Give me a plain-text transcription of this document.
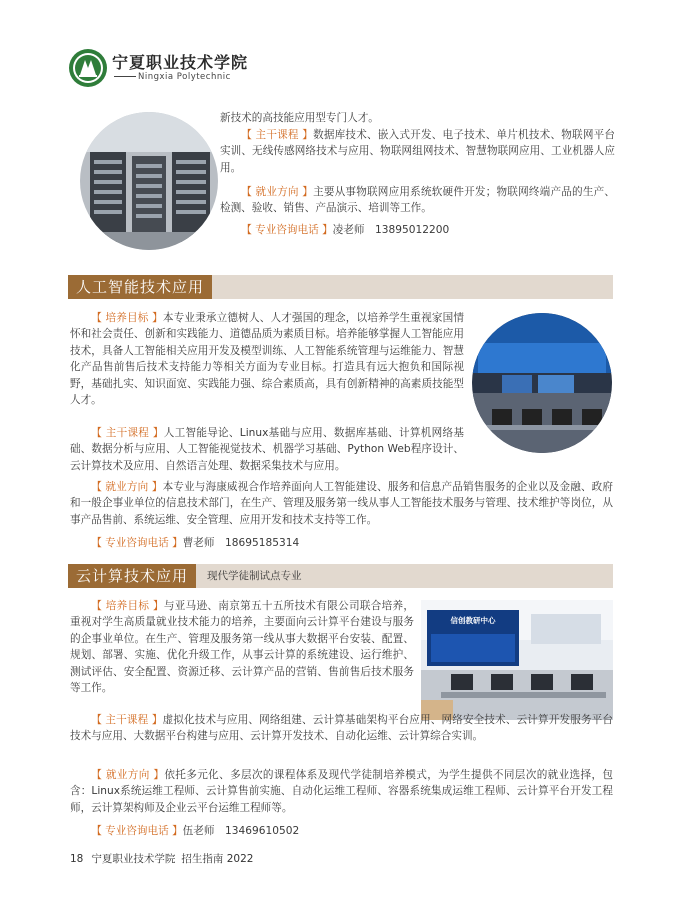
宁夏职业技术学院
Ningxia Polytechnic

新技术的高技能应用型专门人才。

【 主干课程 】数据库技术、嵌入式开发、电子技术、单片机技术、物联网平台实训、无线传感网络技术与应用、物联网组网技术、智慧物联网应用、工业机器人应用。

【 就业方向 】主要从事物联网应用系统软硬件开发；物联网终端产品的生产、检测、验收、销售、产品演示、培训等工作。

【 专业咨询电话 】凌老师　13895012200

人工智能技术应用

【 培养目标 】本专业秉承立德树人、人才强国的理念，以培养学生重视家国情怀和社会责任、创新和实践能力、道德品质为素质目标。培养能够掌握人工智能应用技术，具备人工智能相关应用开发及模型训练、人工智能系统管理与运维能力、智慧化产品售前售后技术支持能力等相关方面为专业目标。打造具有远大抱负和国际视野，基础扎实、知识面宽、实践能力强、综合素质高，具有创新精神的高素质技能型人才。

【 主干课程 】人工智能导论、Linux基础与应用、数据库基础、计算机网络基础、数据分析与应用、人工智能视觉技术、机器学习基础、Python Web程序设计、云计算技术及应用、自然语言处理、数据采集技术与应用。

【 就业方向 】本专业与海康威视合作培养面向人工智能建设、服务和信息产品销售服务的企业以及金融、政府和一般企事业单位的信息技术部门，在生产、管理及服务第一线从事人工智能技术服务与管理、技术维护等岗位，从事产品售前、系统运维、安全管理、应用开发和技术支持等工作。

【 专业咨询电话 】曹老师　18695185314

云计算技术应用	现代学徒制试点专业
信创教研中心

【 培养目标 】与亚马逊、南京第五十五所技术有限公司联合培养，重视对学生高质量就业技术能力的培养，主要面向云计算平台建设与服务的企事业单位。在生产、管理及服务第一线从事大数据平台安装、配置、规划、部署、实施、优化升级工作，从事云计算的系统建设、运行维护、测试评估、安全配置、资源迁移、云计算产品的营销、售前售后技术服务等工作。

【 主干课程 】虚拟化技术与应用、网络组建、云计算基础架构平台应用、网络安全技术、云计算开发服务平台技术与应用、大数据平台构建与应用、云计算开发技术、自动化运维、云计算综合实训。

【 就业方向 】依托多元化、多层次的课程体系及现代学徒制培养模式，为学生提供不同层次的就业选择，包含：Linux系统运维工程师、云计算售前实施、自动化运维工程师、容器系统集成运维工程师、云计算平台开发工程师，云计算架构师及企业云平台运维工程师等。

【 专业咨询电话 】伍老师　13469610502

18 宁夏职业技术学院 招生指南 2022
